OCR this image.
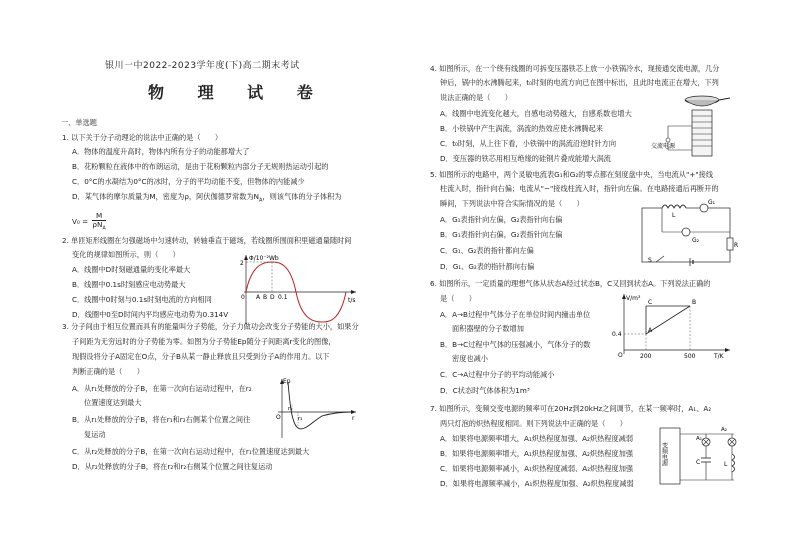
银川一中2022-2023学年度(下)高二期末考试
物 理 试 卷
一、单选题
1. 以下关于分子动理论的说法中正确的是（　　）
A．物体的温度升高时，物体内所有分子的动能都增大了
B．花粉颗粒在液体中的布朗运动，是由于花粉颗粒内部分子无规则热运动引起的
C．0°C的水凝结为0°C的冰时，分子的平均动能不变，但物体的内能减少
D．某气体的摩尔质量为M，密度为ρ，阿伏伽德罗常数为$N_A$，则该气体的分子体积为
V₀ =
M
$\rho N_A$
2. 单匝矩形线圈在匀强磁场中匀速转动，转轴垂直于磁场，若线圈所围面积里磁通量随时间
变化的规律如图所示，则（　　）
A．线圈中D时刻磁通量的变化率最大
B．线圈中0.1s时刻感应电动势最大
C．线圈中0时刻与0.1s时刻电流的方向相同
D．线圈中0至D时间内平均感应电动势为0.314V
Φ/10⁻²Wb
2
A B D 0.1
0	t/s
3. 分子间由于相互位置而具有的能量叫分子势能，分子力做功会改变分子势能的大小，如果分
子间距为无穷远时的分子势能为零。如图为分子势能Ep随分子间距离r变化的图像，
现假设将分子A固定在O点，分子B从某一静止释放且只受到分子A的作用力。以下
判断正确的是（　　）
A．从r₁处释放的分子B，在第一次向右运动过程中，在r₂
位置速度达到最大
B．从r₁处释放的分子B，将在r₁和r₂右侧某个位置之间往
复运动
C．从r₂处释放的分子B，在第一次向右运动过程中，在r₁位置速度达到最大
D．从r₂处释放的分子B，将在r₂和r₂右侧某个位置之间往复运动
Ep
r₁
r₂	r
O
4. 如图所示，在一个绕有线圈的可拆变压器铁芯上放一小铁锅冷水，现接通交流电源，几分
钟后，锅中的水沸腾起来，t₀时刻的电流方向已在图中标出，且此时电流正在增大，下列
说法正确的是（　　）
A．线圈中电流变化越大，自感电动势越大，自感系数也增大
B．小铁锅中产生涡流，涡流的热效应使水沸腾起来
C．t₀时刻，从上往下看，小铁锅中的涡流沿逆时针方向
D．变压器的铁芯用相互绝缘的硅钢片叠成能增大涡流
交流电源
5. 如图所示的电路中，两个灵敏电流表G₁和G₂的零点都在刻度盘中央，当电流从"+"接线
柱流入时，指针向右偏；电流从"−"接线柱流入时，指针向左偏。在电路接通后再断开的
瞬间，下列说法中符合实际情况的是（　　）
A．G₁表指针向左偏，G₂表指针向右偏
B．G₁表指针向右偏，G₂表指针向左偏
C．G₁、G₂表的指针都向左偏
D．G₁、G₂表的指针都向右偏
L
G₁
G₂
S
R
6. 如图所示，一定质量的理想气体从状态A经过状态B，C又回到状态A。下列说法正确的
是（　　）
A．A→B过程中气体分子在单位时间内撞击单位
面积器壁的分子数增加
B．B→C过程中气体的压强减小，气体分子的数
密度也减小
C．C→A过程中分子的平均动能减小
D．C状态时气体体积为1m³
V/m³
0.4
200	500	T/K
A
B
C
O
7. 如图所示，变频交变电源的频率可在20Hz到20kHz之间调节，在某一频率时，A₁、A₂
两只灯泡的炽热程度相同。则下列说法中正确的是（　　）
A．如果将电源频率增大，A₁炽热程度加强、A₂炽热程度减弱
B．如果将电源频率增大，A₁炽热程度加强、A₂炽热程度加强
C．如果将电源频率减小，A₁炽热程度减弱、A₂炽热程度加强
D．如果将电源频率减小，A₁炽热程度加强、A₂炽热程度减弱
变频电源
A₁
A₂
C	L
